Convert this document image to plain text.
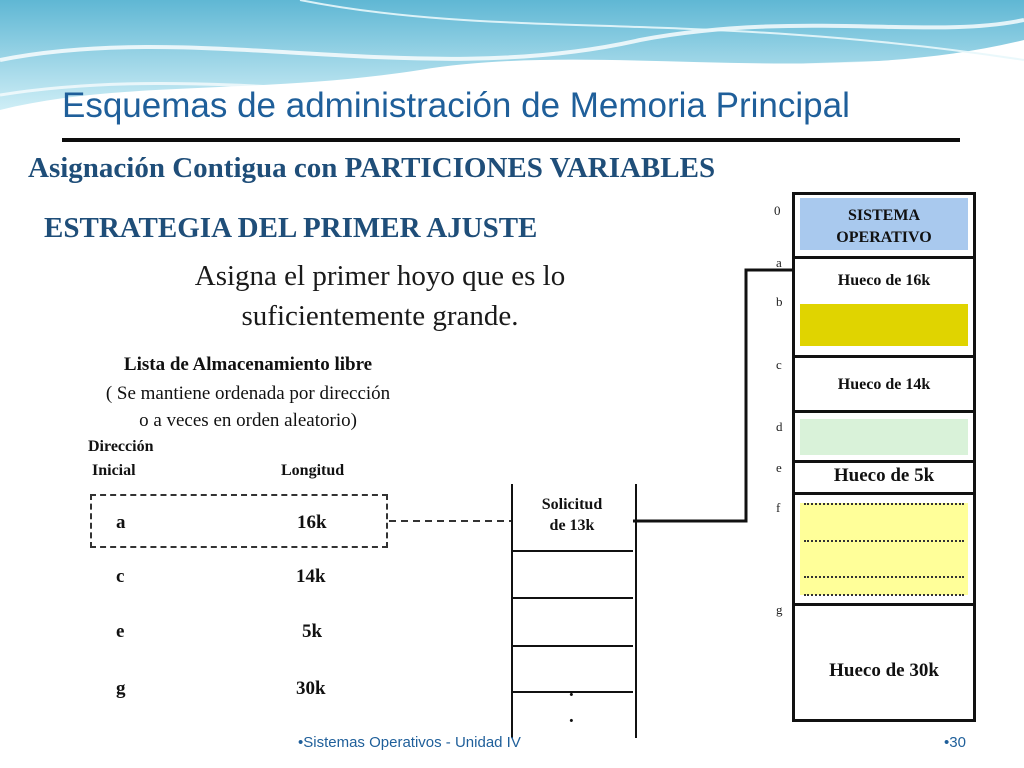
Esquemas de administración de Memoria Principal
Asignación Contigua con PARTICIONES VARIABLES
ESTRATEGIA DEL PRIMER AJUSTE
Asigna el primer hoyo que es lo
suficientemente grande.
Lista de Almacenamiento libre
( Se mantiene ordenada por dirección
o a veces en orden aleatorio)
Dirección
Inicial	Longitud
a	16k
c	14k
e	5k
g	30k
Solicitud
de 13k
.
.
SISTEMA
OPERATIVO
Hueco de 16k
Hueco de 14k
Hueco de 5k
Hueco de 30k
0
a
b
c
d
e
f
g
•Sistemas Operativos - Unidad IV	•30
